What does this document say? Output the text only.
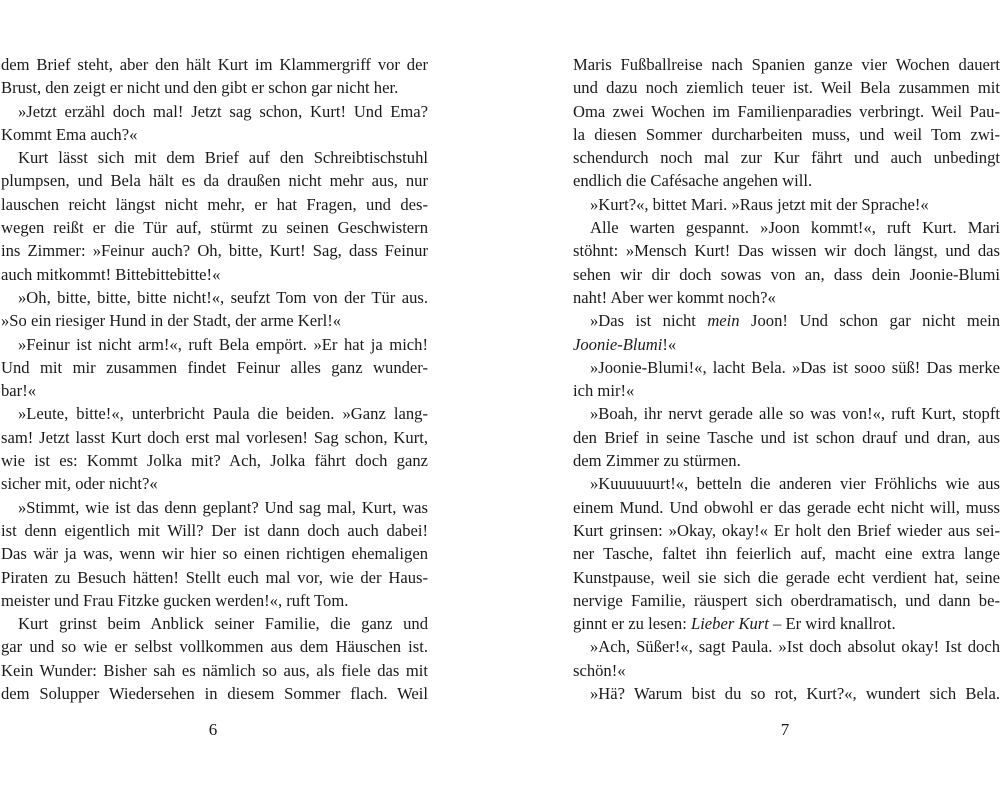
dem Brief steht, aber den hält Kurt im Klammergriff vor der
Brust, den zeigt er nicht und den gibt er schon gar nicht her.
»Jetzt erzähl doch mal! Jetzt sag schon, Kurt! Und Ema?
Kommt Ema auch?«
Kurt lässt sich mit dem Brief auf den Schreibtischstuhl
plumpsen, und Bela hält es da draußen nicht mehr aus, nur
lauschen reicht längst nicht mehr, er hat Fragen, und des-
wegen reißt er die Tür auf, stürmt zu seinen Geschwistern
ins Zimmer: »Feinur auch? Oh, bitte, Kurt! Sag, dass Feinur
auch mitkommt! Bittebittebitte!«
»Oh, bitte, bitte, bitte nicht!«, seufzt Tom von der Tür aus.
»So ein riesiger Hund in der Stadt, der arme Kerl!«
»Feinur ist nicht arm!«, ruft Bela empört. »Er hat ja mich!
Und mit mir zusammen findet Feinur alles ganz wunder-
bar!«
»Leute, bitte!«, unterbricht Paula die beiden. »Ganz lang-
sam! Jetzt lasst Kurt doch erst mal vorlesen! Sag schon, Kurt,
wie ist es: Kommt Jolka mit? Ach, Jolka fährt doch ganz
sicher mit, oder nicht?«
»Stimmt, wie ist das denn geplant? Und sag mal, Kurt, was
ist denn eigentlich mit Will? Der ist dann doch auch dabei!
Das wär ja was, wenn wir hier so einen richtigen ehemaligen
Piraten zu Besuch hätten! Stellt euch mal vor, wie der Haus-
meister und Frau Fitzke gucken werden!«, ruft Tom.
Kurt grinst beim Anblick seiner Familie, die ganz und
gar und so wie er selbst vollkommen aus dem Häuschen ist.
Kein Wunder: Bisher sah es nämlich so aus, als fiele das mit
dem Solupper Wiedersehen in diesem Sommer flach. Weil
Maris Fußballreise nach Spanien ganze vier Wochen dauert
und dazu noch ziemlich teuer ist. Weil Bela zusammen mit
Oma zwei Wochen im Familienparadies verbringt. Weil Pau-
la diesen Sommer durcharbeiten muss, und weil Tom zwi-
schendurch noch mal zur Kur fährt und auch unbedingt
endlich die Cafésache angehen will.
»Kurt?«, bittet Mari. »Raus jetzt mit der Sprache!«
Alle warten gespannt. »Joon kommt!«, ruft Kurt. Mari
stöhnt: »Mensch Kurt! Das wissen wir doch längst, und das
sehen wir dir doch sowas von an, dass dein Joonie-Blumi
naht! Aber wer kommt noch?«
»Das ist nicht mein Joon! Und schon gar nicht mein
Joonie-Blumi!«
»Joonie-Blumi!«, lacht Bela. »Das ist sooo süß! Das merke
ich mir!«
»Boah, ihr nervt gerade alle so was von!«, ruft Kurt, stopft
den Brief in seine Tasche und ist schon drauf und dran, aus
dem Zimmer zu stürmen.
»Kuuuuuurt!«, betteln die anderen vier Fröhlichs wie aus
einem Mund. Und obwohl er das gerade echt nicht will, muss
Kurt grinsen: »Okay, okay!« Er holt den Brief wieder aus sei-
ner Tasche, faltet ihn feierlich auf, macht eine extra lange
Kunstpause, weil sie sich die gerade echt verdient hat, seine
nervige Familie, räuspert sich oberdramatisch, und dann be-
ginnt er zu lesen: Lieber Kurt – Er wird knallrot.
»Ach, Süßer!«, sagt Paula. »Ist doch absolut okay! Ist doch
schön!«
»Hä? Warum bist du so rot, Kurt?«, wundert sich Bela.
6	7
